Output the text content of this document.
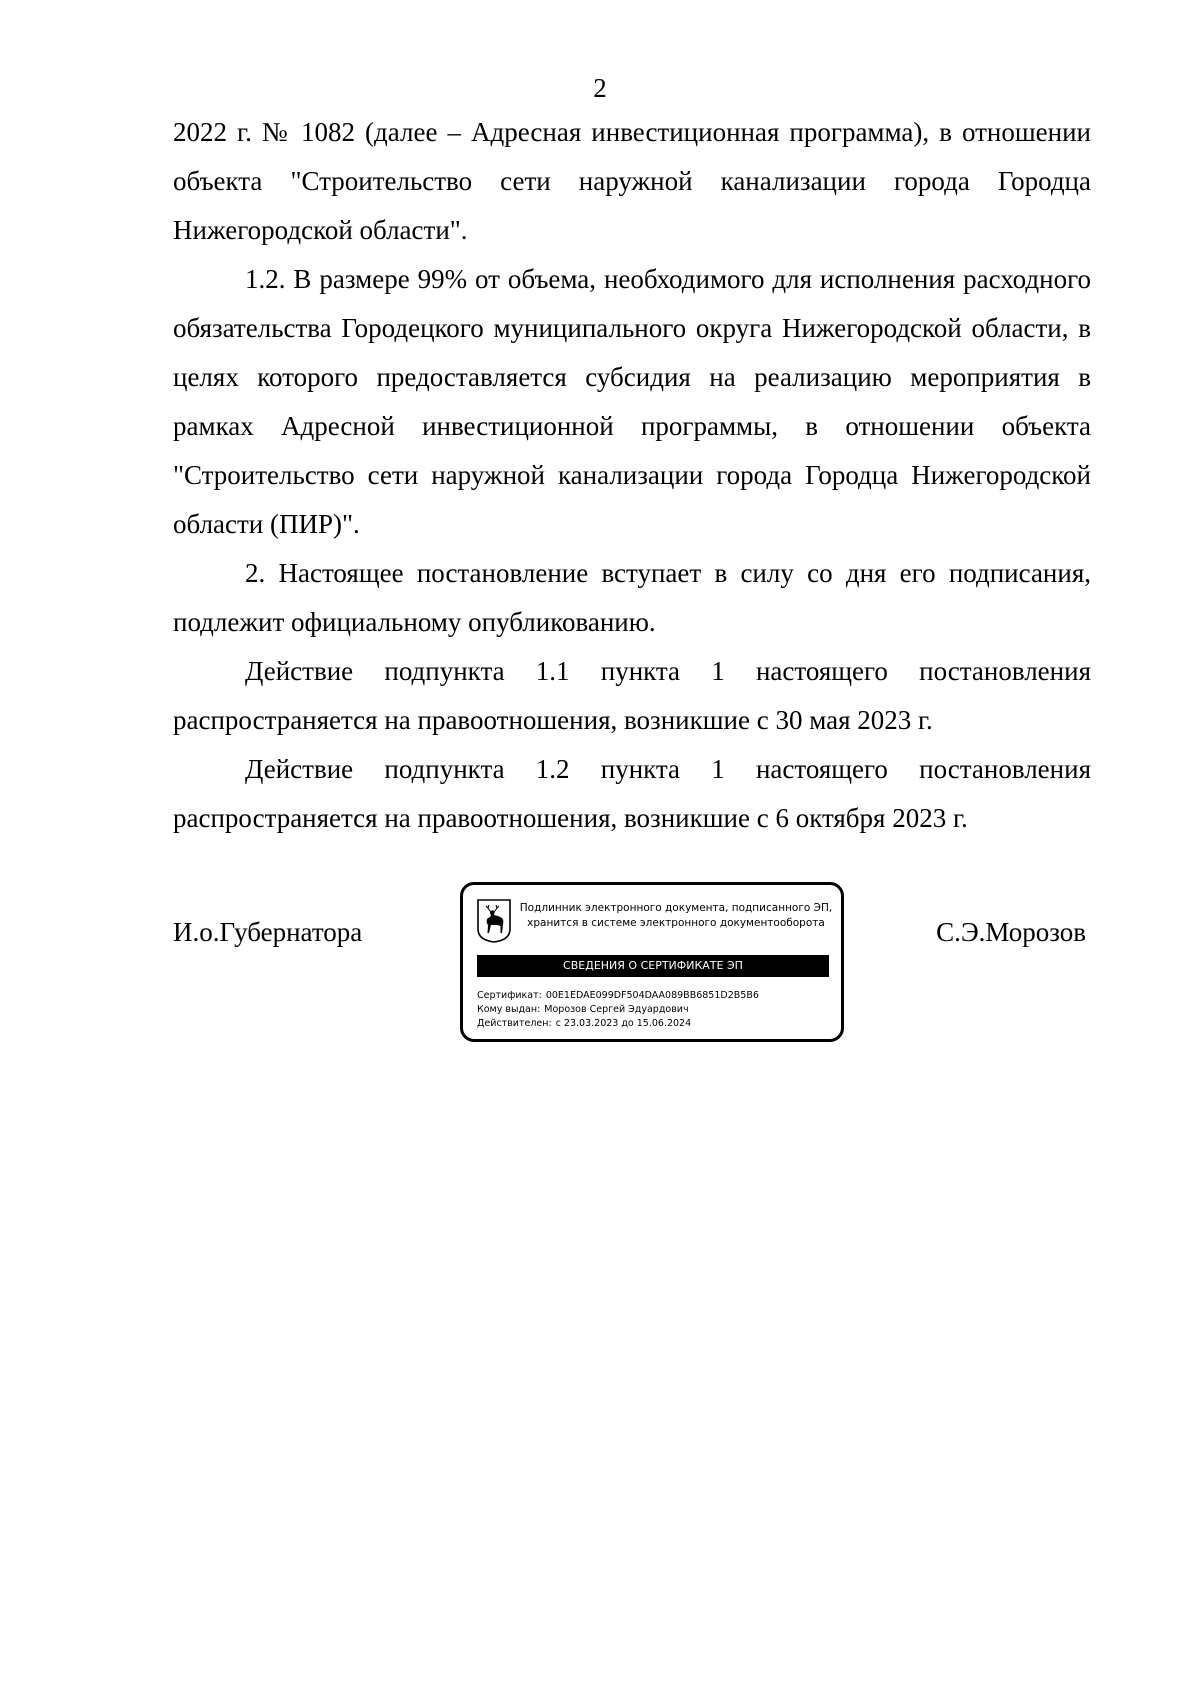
2

2022 г. № 1082 (далее – Адресная инвестиционная программа), в отношении объекта "Строительство сети наружной канализации города Городца Нижегородской области".

1.2. В размере 99% от объема, необходимого для исполнения расходного обязательства Городецкого муниципального округа Нижегородской области, в целях которого предоставляется субсидия на реализацию мероприятия в рамках Адресной инвестиционной программы, в отношении объекта "Строительство сети наружной канализации города Городца Нижегородской области (ПИР)".

2. Настоящее постановление вступает в силу со дня его подписания, подлежит официальному опубликованию.

Действие подпункта 1.1 пункта 1 настоящего постановления распространяется на правоотношения, возникшие с 30 мая 2023 г.

Действие подпункта 1.2 пункта 1 настоящего постановления распространяется на правоотношения, возникшие с 6 октября 2023 г.

И.о.Губернатора	С.Э.Морозов
Подлинник электронного документа, подписанного ЭП,
хранится в системе электронного документооборота
СВЕДЕНИЯ О СЕРТИФИКАТЕ ЭП
Сертификат: 00E1EDAE099DF504DAA089BB6851D2B5B6
Кому выдан: Морозов Сергей Эдуардович
Действителен: с 23.03.2023 до 15.06.2024
